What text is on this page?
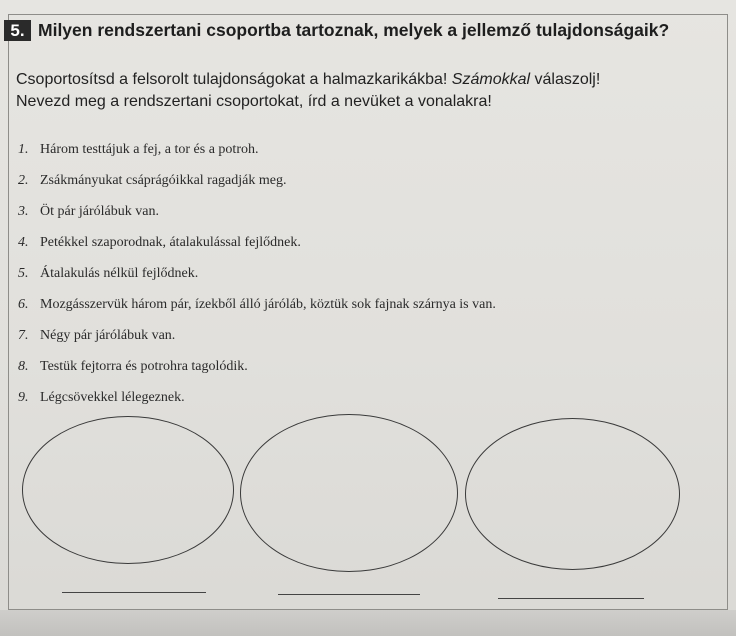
5. Milyen rendszertani csoportba tartoznak, melyek a jellemző tulajdonságaik?
Csoportosítsd a felsorolt tulajdonságokat a halmazkarikákba! Számokkal válaszolj!
Nevezd meg a rendszertani csoportokat, írd a nevüket a vonalakra!
1. Három testtájuk a fej, a tor és a potroh.
2. Zsákmányukat csáprágóikkal ragadják meg.
3. Öt pár járólábuk van.
4. Petékkel szaporodnak, átalakulással fejlődnek.
5. Átalakulás nélkül fejlődnek.
6. Mozgásszervük három pár, ízekből álló járóláb, köztük sok fajnak szárnya is van.
7. Négy pár járólábuk van.
8. Testük fejtorra és potrohra tagolódik.
9. Légcsövekkel lélegeznek.
